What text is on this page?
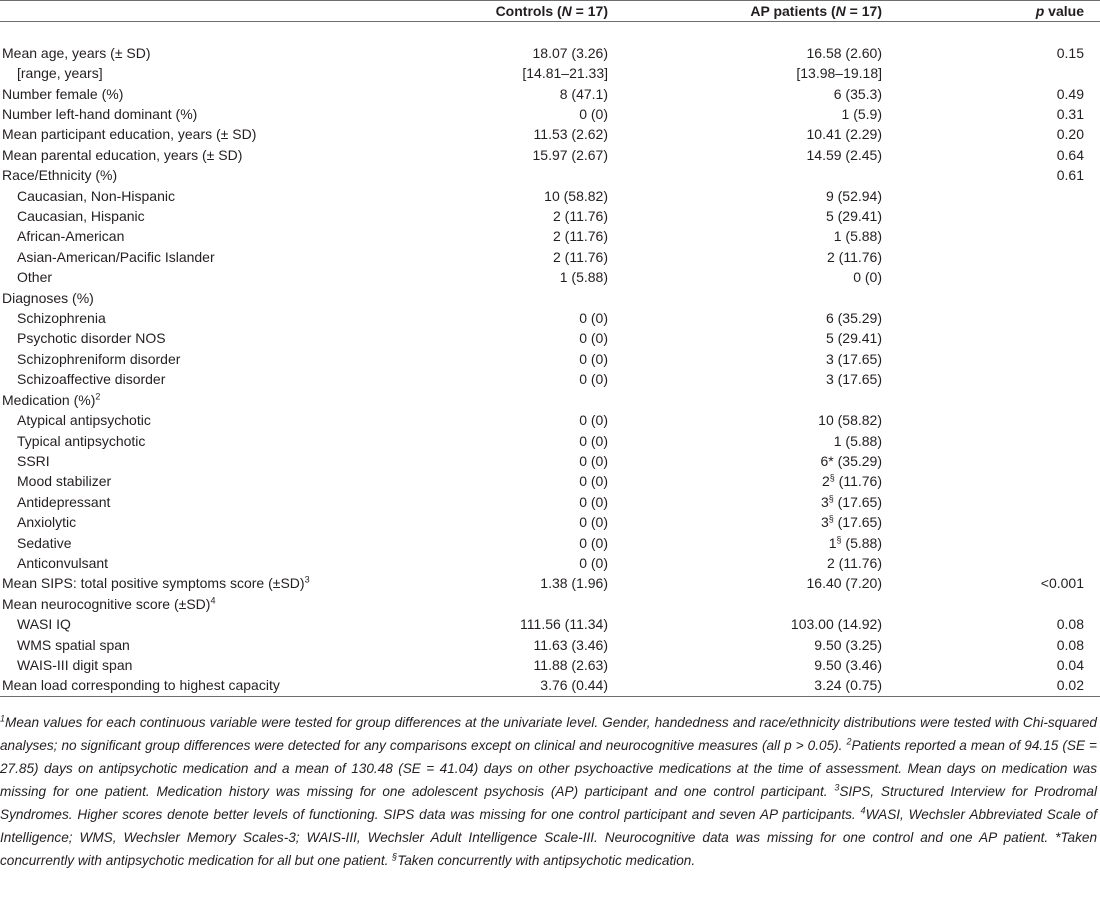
	Controls (N = 17)	AP patients (N = 17)	p value

Mean age, years (± SD)	18.07 (3.26)	16.58 (2.60)	0.15
[range, years]	[14.81–21.33]	[13.98–19.18]	
Number female (%)	8 (47.1)	6 (35.3)	0.49
Number left-hand dominant (%)	0 (0)	1 (5.9)	0.31
Mean participant education, years (± SD)	11.53 (2.62)	10.41 (2.29)	0.20
Mean parental education, years (± SD)	15.97 (2.67)	14.59 (2.45)	0.64
Race/Ethnicity (%)			0.61
Caucasian, Non-Hispanic	10 (58.82)	9 (52.94)	
Caucasian, Hispanic	2 (11.76)	5 (29.41)	
African-American	2 (11.76)	1 (5.88)	
Asian-American/Pacific Islander	2 (11.76)	2 (11.76)	
Other	1 (5.88)	0 (0)	
Diagnoses (%)			
Schizophrenia	0 (0)	6 (35.29)	
Psychotic disorder NOS	0 (0)	5 (29.41)	
Schizophreniform disorder	0 (0)	3 (17.65)	
Schizoaffective disorder	0 (0)	3 (17.65)	
Medication (%)$^2$			
Atypical antipsychotic	0 (0)	10 (58.82)	
Typical antipsychotic	0 (0)	1 (5.88)	
SSRI	0 (0)	6* (35.29)	
Mood stabilizer	0 (0)	2§ (11.76)	
Antidepressant	0 (0)	3§ (17.65)	
Anxiolytic	0 (0)	3§ (17.65)	
Sedative	0 (0)	1§ (5.88)	
Anticonvulsant	0 (0)	2 (11.76)	
Mean SIPS: total positive symptoms score $(\pm SD)^3$	1.38 (1.96)	16.40 (7.20)	<0.001
Mean neurocognitive score $(\pm SD)^4$			
WASI IQ	111.56 (11.34)	103.00 (14.92)	0.08
WMS spatial span	11.63 (3.46)	9.50 (3.25)	0.08
WAIS-III digit span	11.88 (2.63)	9.50 (3.46)	0.04
Mean load corresponding to highest capacity	3.76 (0.44)	3.24 (0.75)	0.02
$^1$Mean values for each continuous variable were tested for group differences at the univariate level. Gender, handedness and race/ethnicity distributions were tested with Chi-squared analyses; no significant group differences were detected for any comparisons except on clinical and neurocognitive measures (all p > 0.05). $^2$Patients reported a mean of 94.15 (SE = 27.85) days on antipsychotic medication and a mean of 130.48 (SE = 41.04) days on other psychoactive medications at the time of assessment. Mean days on medication was missing for one patient. Medication history was missing for one adolescent psychosis (AP) participant and one control participant. $^3$SIPS, Structured Interview for Prodromal Syndromes. Higher scores denote better levels of functioning. SIPS data was missing for one control participant and seven AP participants. $^4$WASI, Wechsler Abbreviated Scale of Intelligence; WMS, Wechsler Memory Scales-3; WAIS-III, Wechsler Adult Intelligence Scale-III. Neurocognitive data was missing for one control and one AP patient. *Taken concurrently with antipsychotic medication for all but one patient. §Taken concurrently with antipsychotic medication.
